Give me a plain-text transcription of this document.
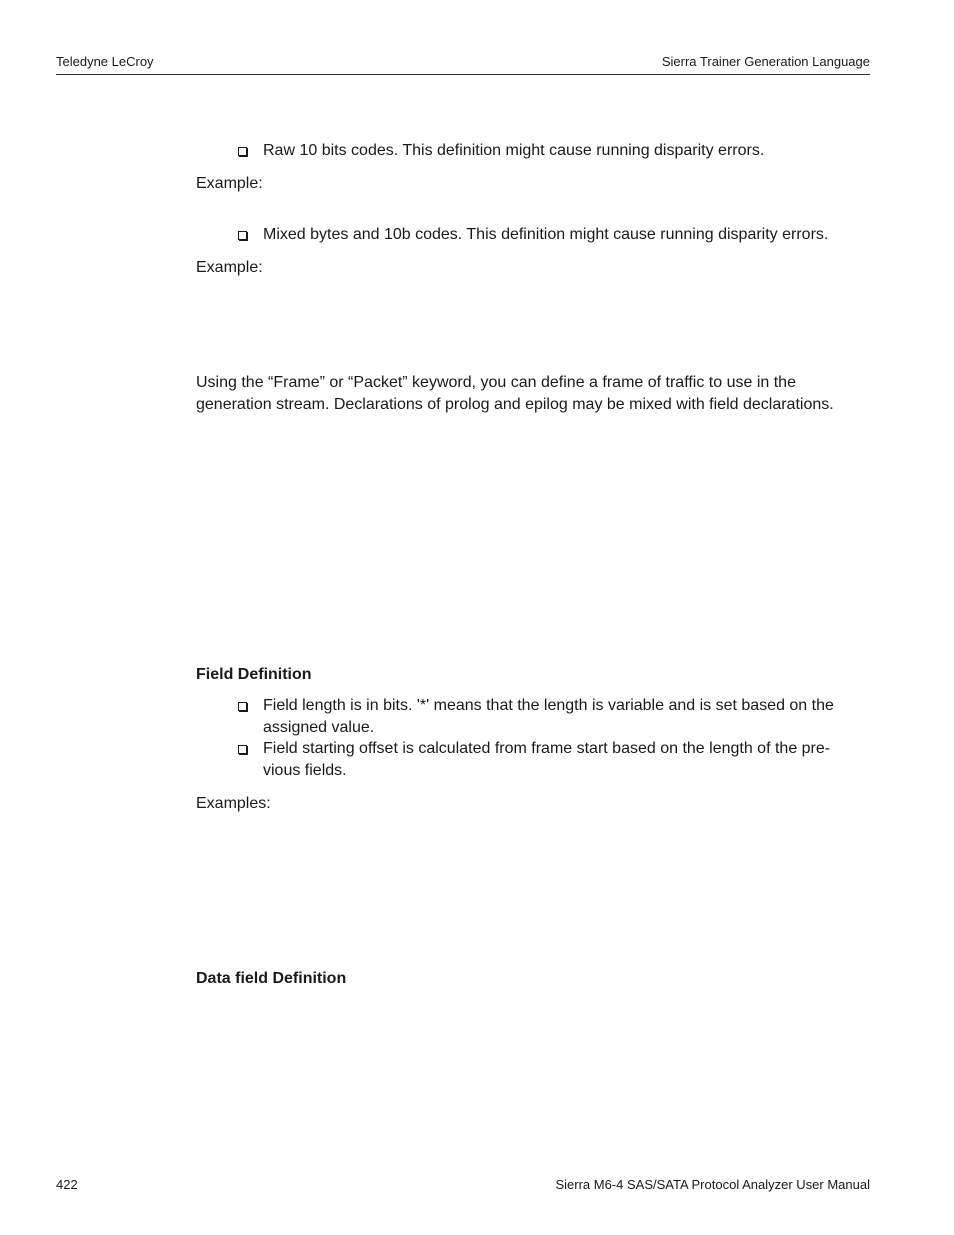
Teledyne LeCroy	Sierra Trainer Generation Language
Raw 10 bits codes. This definition might cause running disparity errors.
Example:
Mixed bytes and 10b codes. This definition might cause running disparity errors.
Example:
Using the “Frame” or “Packet” keyword, you can define a frame of traffic to use in the generation stream. Declarations of prolog and epilog may be mixed with field declarations.
Field Definition
Field length is in bits. '*' means that the length is variable and is set based on the assigned value.
Field starting offset is calculated from frame start based on the length of the pre- vious fields.
Examples:
Data field Definition
422	Sierra M6-4 SAS/SATA Protocol Analyzer User Manual
